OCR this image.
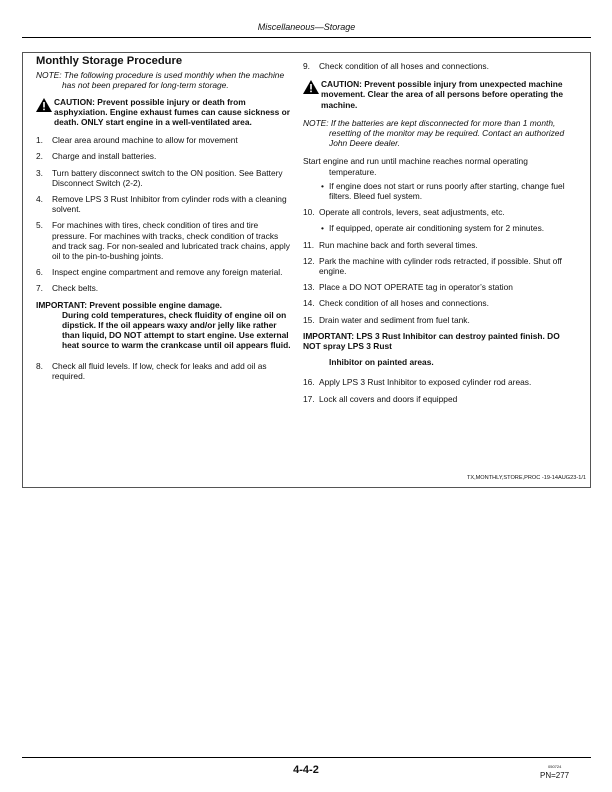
Miscellaneous—Storage
Monthly Storage Procedure
NOTE: The following procedure is used monthly when the machine has not been prepared for long-term storage.
CAUTION: Prevent possible injury or death from asphyxiation. Engine exhaust fumes can cause sickness or death. ONLY start engine in a well-ventilated area.
1. Clear area around machine to allow for movement
2. Charge and install batteries.
3. Turn battery disconnect switch to the ON position. See Battery Disconnect Switch (2-2).
4. Remove LPS 3 Rust Inhibitor from cylinder rods with a cleaning solvent.
5. For machines with tires, check condition of tires and tire pressure. For machines with tracks, check condition of tracks and track sag. For non-sealed and lubricated track chains, apply oil to the pin-to-bushing joints.
6. Inspect engine compartment and remove any foreign material.
7. Check belts.
IMPORTANT: Prevent possible engine damage.
During cold temperatures, check fluidity of engine oil on dipstick. If the oil appears waxy and/or jelly like rather than liquid, DO NOT attempt to start engine. Use external heat source to warm the crankcase until oil appears fluid.
8. Check all fluid levels. If low, check for leaks and add oil as required.
9. Check condition of all hoses and connections.
CAUTION: Prevent possible injury from unexpected machine movement. Clear the area of all persons before operating the machine.
NOTE: If the batteries are kept disconnected for more than 1 month, resetting of the monitor may be required. Contact an authorized John Deere dealer.
Start engine and run until machine reaches normal operating temperature.
• If engine does not start or runs poorly after starting, change fuel filters. Bleed fuel system.
10. Operate all controls, levers, seat adjustments, etc.
• If equipped, operate air conditioning system for 2 minutes.
11. Run machine back and forth several times.
12. Park the machine with cylinder rods retracted, if possible. Shut off engine.
13. Place a DO NOT OPERATE tag in operator’s station
14. Check condition of all hoses and connections.
15. Drain water and sediment from fuel tank.
IMPORTANT: LPS 3 Rust Inhibitor can destroy painted finish. DO NOT spray LPS 3 Rust
Inhibitor on painted areas.
16. Apply LPS 3 Rust Inhibitor to exposed cylinder rod areas.
17. Lock all covers and doors if equipped
TX,MONTHLY,STORE,PROC -19-14AUG23-1/1
4-4-2	050724
PN=277
